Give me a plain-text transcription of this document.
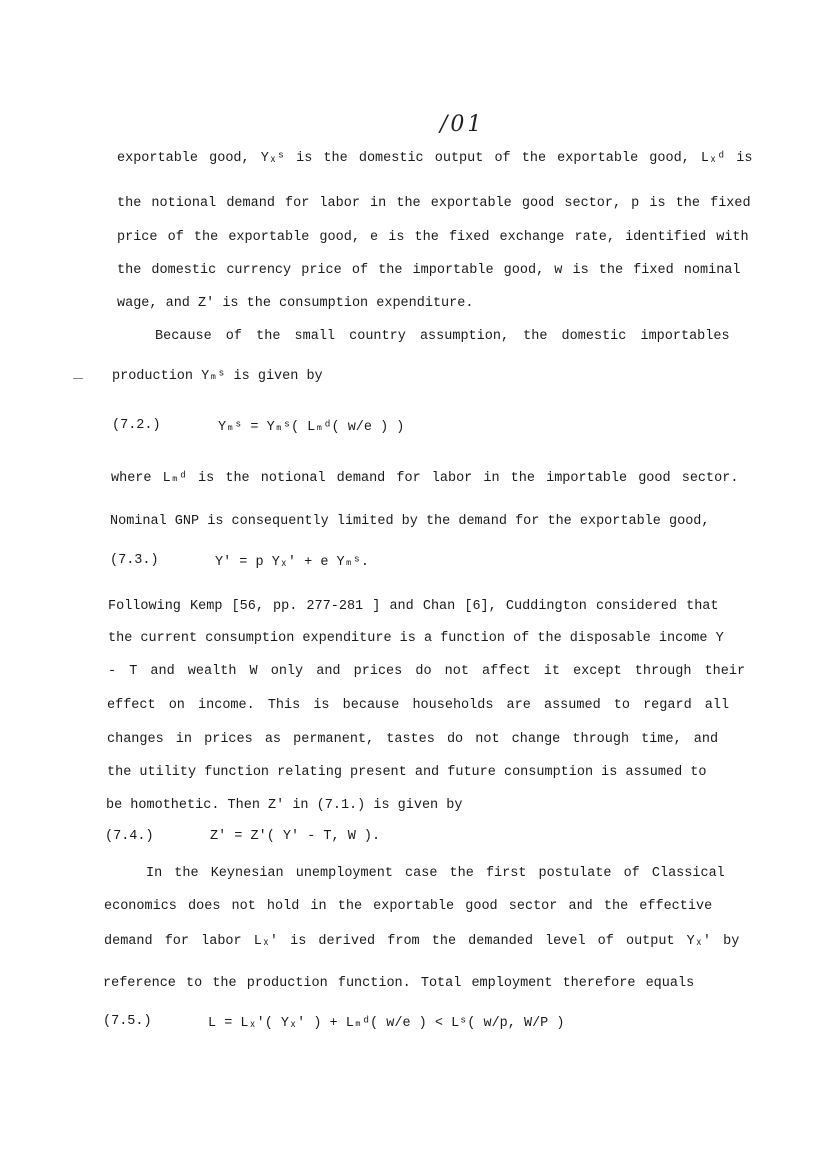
/01
exportable good, Yₓˢ is the domestic output of the exportable good, Lₓᵈ is
the notional demand for labor in the exportable good sector, p is the fixed
price of the exportable good, e is the fixed exchange rate, identified with
the domestic currency price of the importable good, w is the fixed nominal
wage, and Z' is the consumption expenditure.
Because of the small country assumption, the domestic importables
production Yₘˢ is given by
(7.2.)	Yₘˢ = Yₘˢ( Lₘᵈ( w/e ) )
where Lₘᵈ is the notional demand for labor in the importable good sector.
Nominal GNP is consequently limited by the demand for the exportable good,
(7.3.)	Y' = p Yₓ' + e Yₘˢ.
Following Kemp [56, pp. 277-281 ] and Chan [6], Cuddington considered that
the current consumption expenditure is a function of the disposable income Y
- T and wealth W only and prices do not affect it except through their
effect on income. This is because households are assumed to regard all
changes in prices as permanent, tastes do not change through time, and
the utility function relating present and future consumption is assumed to
be homothetic. Then Z' in (7.1.) is given by
(7.4.)	Z' = Z'( Y' - T, W ).
In the Keynesian unemployment case the first postulate of Classical
economics does not hold in the exportable good sector and the effective
demand for labor Lₓ' is derived from the demanded level of output Yₓ' by
reference to the production function. Total employment therefore equals
(7.5.)	L = Lₓ'( Yₓ' ) + Lₘᵈ( w/e ) < Lˢ( w/p, W/P )
